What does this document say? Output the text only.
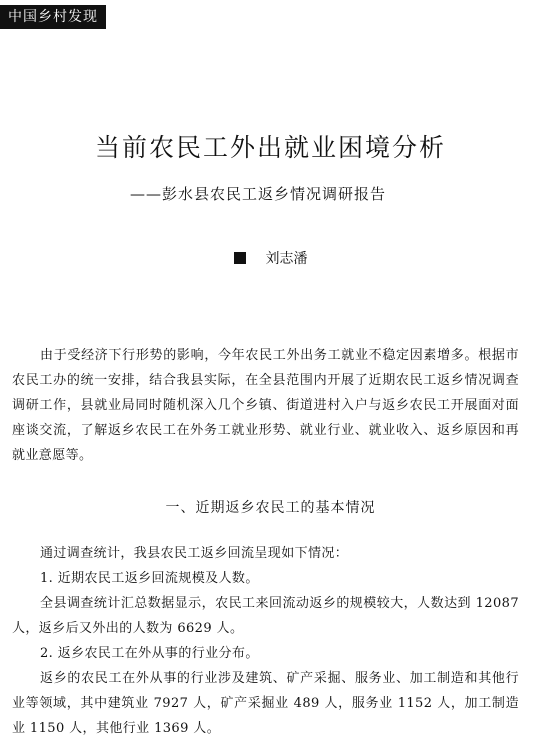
中国乡村发现
当前农民工外出就业困境分析

——彭水县农民工返乡情况调研报告

刘志潘

由于受经济下行形势的影响，今年农民工外出务工就业不稳定因素增多。根据市农民工办的统一安排，结合我县实际，在全县范围内开展了近期农民工返乡情况调查调研工作，县就业局同时随机深入几个乡镇、街道进村入户与返乡农民工开展面对面座谈交流，了解返乡农民工在外务工就业形势、就业行业、就业收入、返乡原因和再就业意愿等。

一、近期返乡农民工的基本情况

通过调查统计，我县农民工返乡回流呈现如下情况：

1. 近期农民工返乡回流规模及人数。

全县调查统计汇总数据显示，农民工来回流动返乡的规模较大，人数达到 12087 人，返乡后又外出的人数为 6629 人。

2. 返乡农民工在外从事的行业分布。

返乡的农民工在外从事的行业涉及建筑、矿产采掘、服务业、加工制造和其他行业等领域，其中建筑业 7927 人，矿产采掘业 489 人，服务业 1152 人，加工制造业 1150 人，其他行业 1369 人。
